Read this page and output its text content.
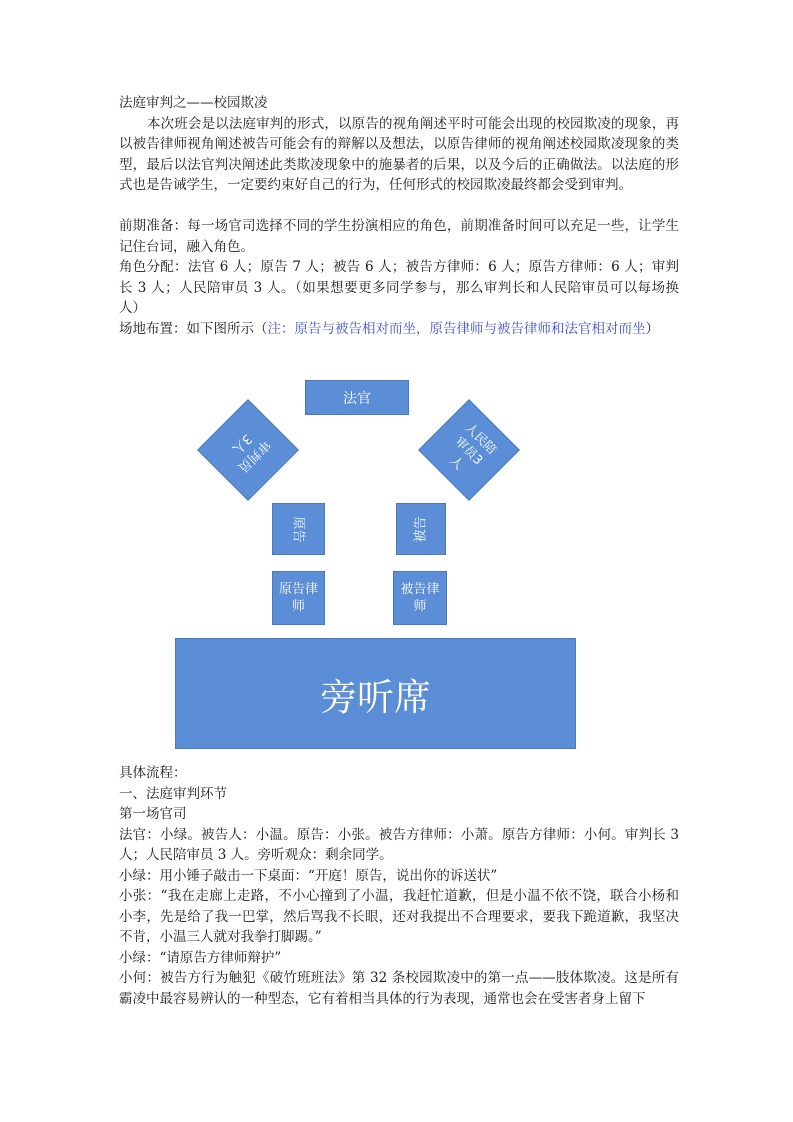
法庭审判之——校园欺凌

本次班会是以法庭审判的形式，以原告的视角阐述平时可能会出现的校园欺凌的现象，再以被告律师视角阐述被告可能会有的辩解以及想法，以原告律师的视角阐述校园欺凌现象的类型，最后以法官判决阐述此类欺凌现象中的施暴者的后果，以及今后的正确做法。以法庭的形式也是告诫学生，一定要约束好自己的行为，任何形式的校园欺凌最终都会受到审判。

前期准备：每一场官司选择不同的学生扮演相应的角色，前期准备时间可以充足一些，让学生记住台词，融入角色。

角色分配：法官 6 人；原告 7 人；被告 6 人；被告方律师：6 人；原告方律师：6 人；审判长 3 人；人民陪审员 3 人。（如果想要更多同学参与，那么审判长和人民陪审员可以每场换人）

场地布置：如下图所示（注：原告与被告相对而坐，原告律师与被告律师和法官相对而坐）

法官
审判员
3人	人民陪
审员3
人
原告	被告
原告律
师
被告律
师
旁听席

具体流程：

一、法庭审判环节

第一场官司

法官：小绿。被告人：小温。原告：小张。被告方律师：小萧。原告方律师：小何。审判长 3 人；人民陪审员 3 人。旁听观众：剩余同学。

小绿：用小锤子敲击一下桌面：“开庭！原告，说出你的诉送状”

小张：“我在走廊上走路，不小心撞到了小温，我赶忙道歉，但是小温不依不饶，联合小杨和小李，先是给了我一巴掌，然后骂我不长眼，还对我提出不合理要求，要我下跪道歉，我坚决不肯，小温三人就对我拳打脚踢。”

小绿：“请原告方律师辩护”

小何：被告方行为触犯《破竹班班法》第 32 条校园欺凌中的第一点——肢体欺凌。这是所有霸凌中最容易辨认的一种型态，它有着相当具体的行为表现，通常也会在受害者身上留下
